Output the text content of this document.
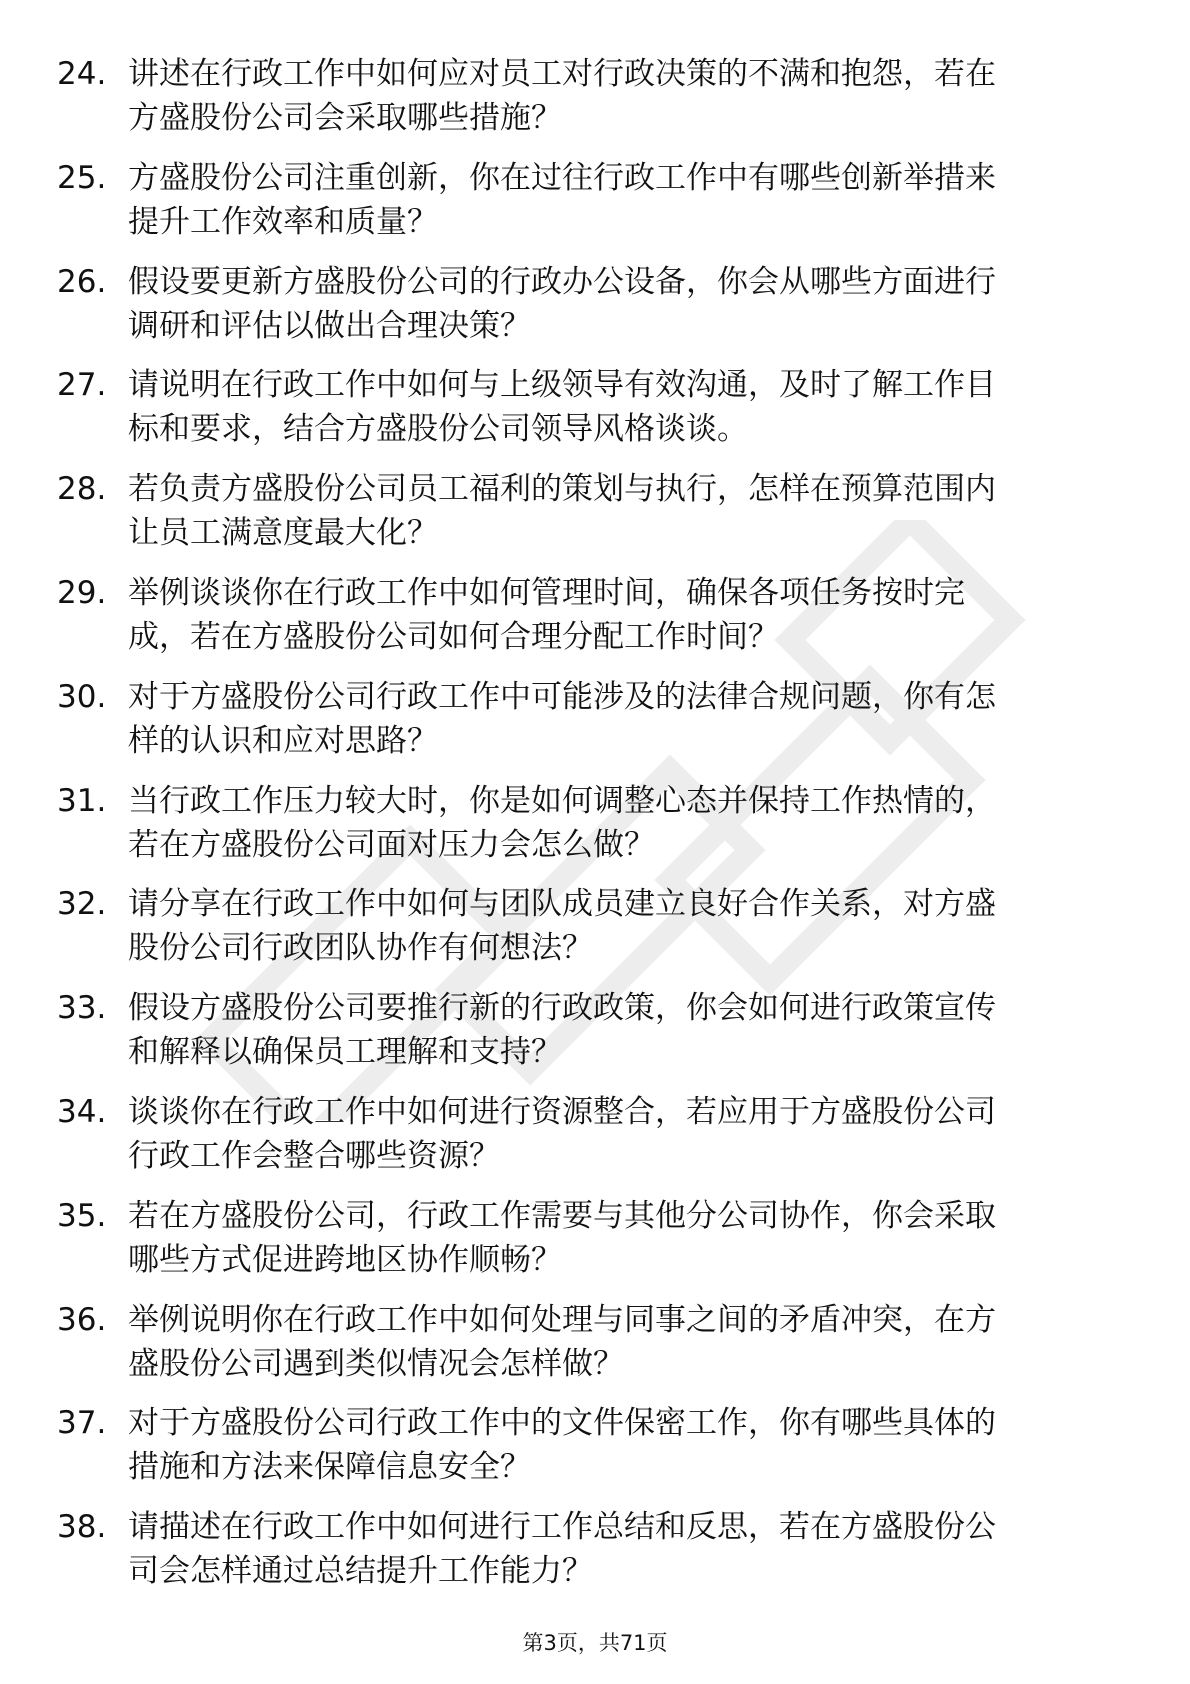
24. 讲述在行政工作中如何应对员工对行政决策的不满和抱怨，若在
方盛股份公司会采取哪些措施？
25. 方盛股份公司注重创新，你在过往行政工作中有哪些创新举措来
提升工作效率和质量？
26. 假设要更新方盛股份公司的行政办公设备，你会从哪些方面进行
调研和评估以做出合理决策？
27. 请说明在行政工作中如何与上级领导有效沟通，及时了解工作目
标和要求，结合方盛股份公司领导风格谈谈。
28. 若负责方盛股份公司员工福利的策划与执行，怎样在预算范围内
让员工满意度最大化？
29. 举例谈谈你在行政工作中如何管理时间，确保各项任务按时完
成，若在方盛股份公司如何合理分配工作时间？
30. 对于方盛股份公司行政工作中可能涉及的法律合规问题，你有怎
样的认识和应对思路？
31. 当行政工作压力较大时，你是如何调整心态并保持工作热情的，
若在方盛股份公司面对压力会怎么做？
32. 请分享在行政工作中如何与团队成员建立良好合作关系，对方盛
股份公司行政团队协作有何想法？
33. 假设方盛股份公司要推行新的行政政策，你会如何进行政策宣传
和解释以确保员工理解和支持？
34. 谈谈你在行政工作中如何进行资源整合，若应用于方盛股份公司
行政工作会整合哪些资源？
35. 若在方盛股份公司，行政工作需要与其他分公司协作，你会采取
哪些方式促进跨地区协作顺畅？
36. 举例说明你在行政工作中如何处理与同事之间的矛盾冲突，在方
盛股份公司遇到类似情况会怎样做？
37. 对于方盛股份公司行政工作中的文件保密工作，你有哪些具体的
措施和方法来保障信息安全？
38. 请描述在行政工作中如何进行工作总结和反思，若在方盛股份公
司会怎样通过总结提升工作能力？
第3页，共71页
